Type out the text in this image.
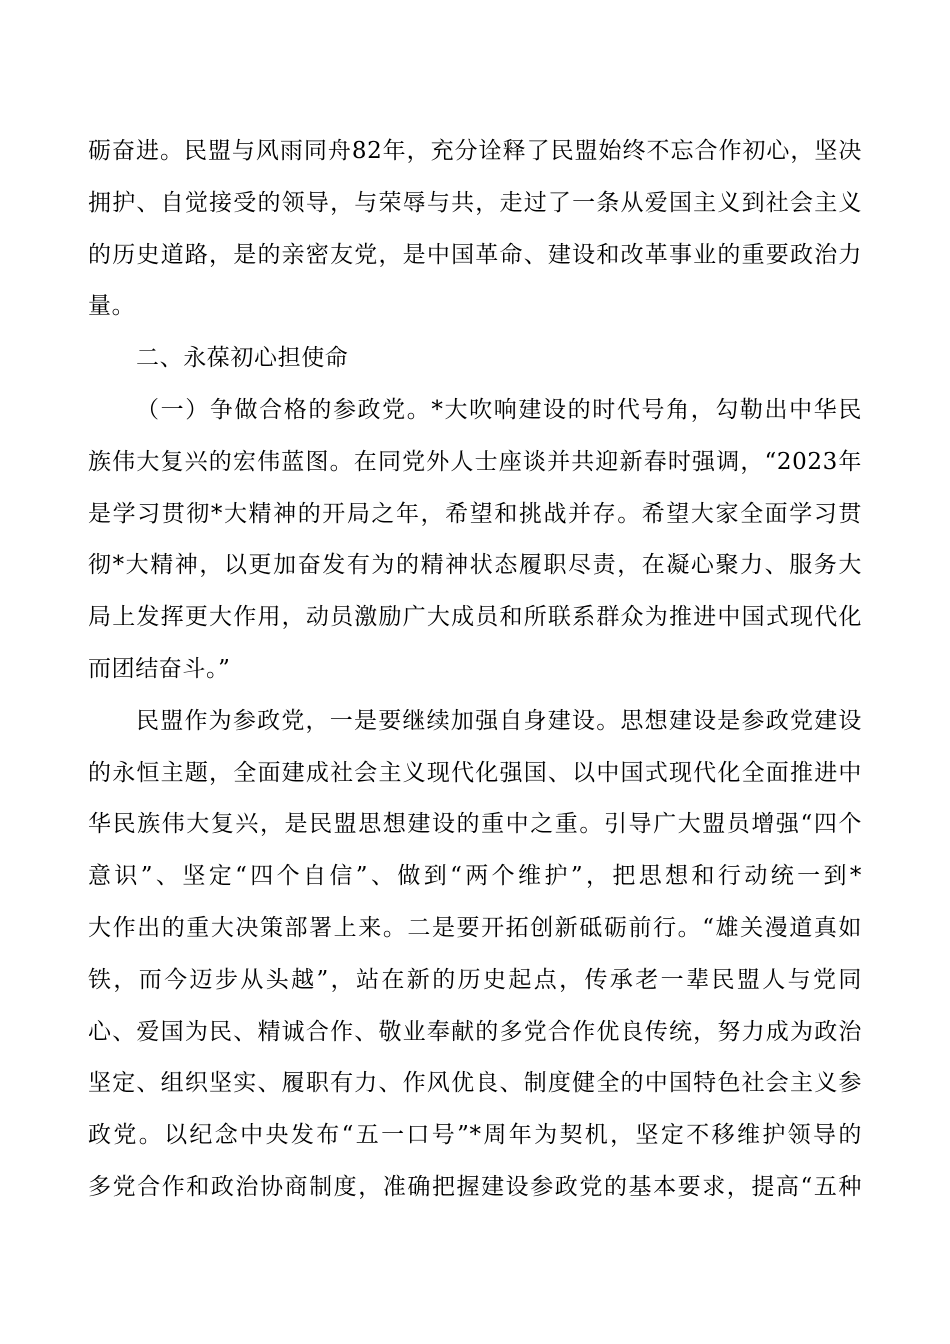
砺奋进。民盟与风雨同舟82年，充分诠释了民盟始终不忘合作初心，坚决
拥护、自觉接受的领导，与荣辱与共，走过了一条从爱国主义到社会主义
的历史道路，是的亲密友党，是中国革命、建设和改革事业的重要政治力
量。
二、永葆初心担使命
（一）争做合格的参政党。*大吹响建设的时代号角，勾勒出中华民
族伟大复兴的宏伟蓝图。在同党外人士座谈并共迎新春时强调，“2023年
是学习贯彻*大精神的开局之年，希望和挑战并存。希望大家全面学习贯
彻*大精神，以更加奋发有为的精神状态履职尽责，在凝心聚力、服务大
局上发挥更大作用，动员激励广大成员和所联系群众为推进中国式现代化
而团结奋斗。”
民盟作为参政党，一是要继续加强自身建设。思想建设是参政党建设
的永恒主题，全面建成社会主义现代化强国、以中国式现代化全面推进中
华民族伟大复兴，是民盟思想建设的重中之重。引导广大盟员增强“四个
意识”、坚定“四个自信”、做到“两个维护”，把思想和行动统一到*
大作出的重大决策部署上来。二是要开拓创新砥砺前行。“雄关漫道真如
铁，而今迈步从头越”，站在新的历史起点，传承老一辈民盟人与党同
心、爱国为民、精诚合作、敬业奉献的多党合作优良传统，努力成为政治
坚定、组织坚实、履职有力、作风优良、制度健全的中国特色社会主义参
政党。以纪念中央发布“五一口号”*周年为契机，坚定不移维护领导的
多党合作和政治协商制度，准确把握建设参政党的基本要求，提高“五种
